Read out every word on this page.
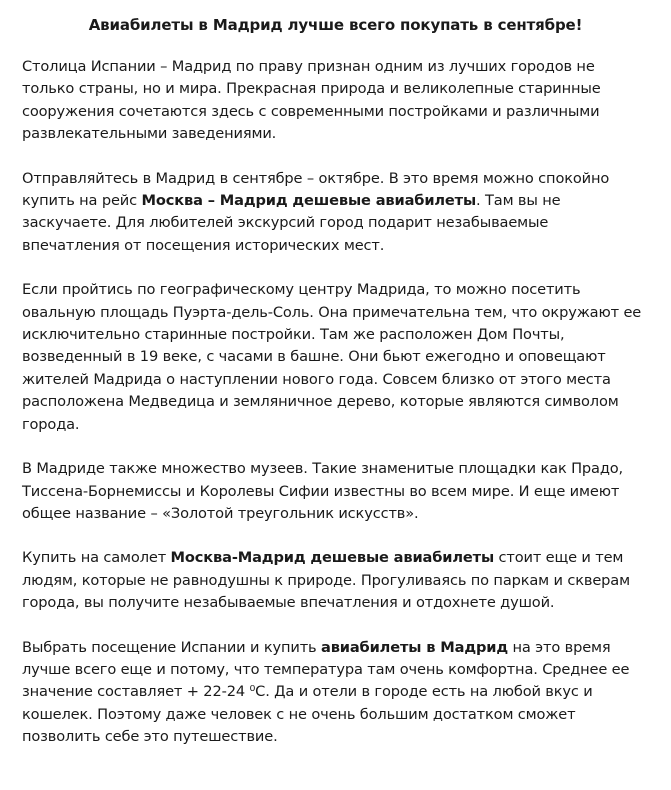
Авиабилеты в Мадрид лучше всего покупать в сентябре!

Столица Испании – Мадрид по праву признан одним из лучших городов не только страны, но и мира. Прекрасная природа и великолепные старинные сооружения сочетаются здесь с современными постройками и различными развлекательными заведениями.

Отправляйтесь в Мадрид в сентябре – октябре. В это время можно спокойно купить на рейс Москва – Мадрид дешевые авиабилеты. Там вы не заскучаете. Для любителей экскурсий город подарит незабываемые впечатления от посещения исторических мест.

Если пройтись по географическому центру Мадрида, то можно посетить овальную площадь Пуэрта-дель-Соль. Она примечательна тем, что окружают ее исключительно старинные постройки. Там же расположен Дом Почты, возведенный в 19 веке, с часами в башне. Они бьют ежегодно и оповещают жителей Мадрида о наступлении нового года. Совсем близко от этого места расположена Медведица и земляничное дерево, которые являются символом города.

В Мадриде также множество музеев. Такие знаменитые площадки как Прадо, Тиссена-Борнемиссы и Королевы Сифии известны во всем мире. И еще имеют общее название – «Золотой треугольник искусств».

Купить на самолет Москва-Мадрид дешевые авиабилеты стоит еще и тем людям, которые не равнодушны к природе. Прогуливаясь по паркам и скверам города, вы получите незабываемые впечатления и отдохнете душой.

Выбрать посещение Испании и купить авиабилеты в Мадрид на это время лучше всего еще и потому, что температура там очень комфортна. Среднее ее значение составляет + 22-24 ⁰С. Да и отели в городе есть на любой вкус и кошелек. Поэтому даже человек с не очень большим достатком сможет позволить себе это путешествие.
